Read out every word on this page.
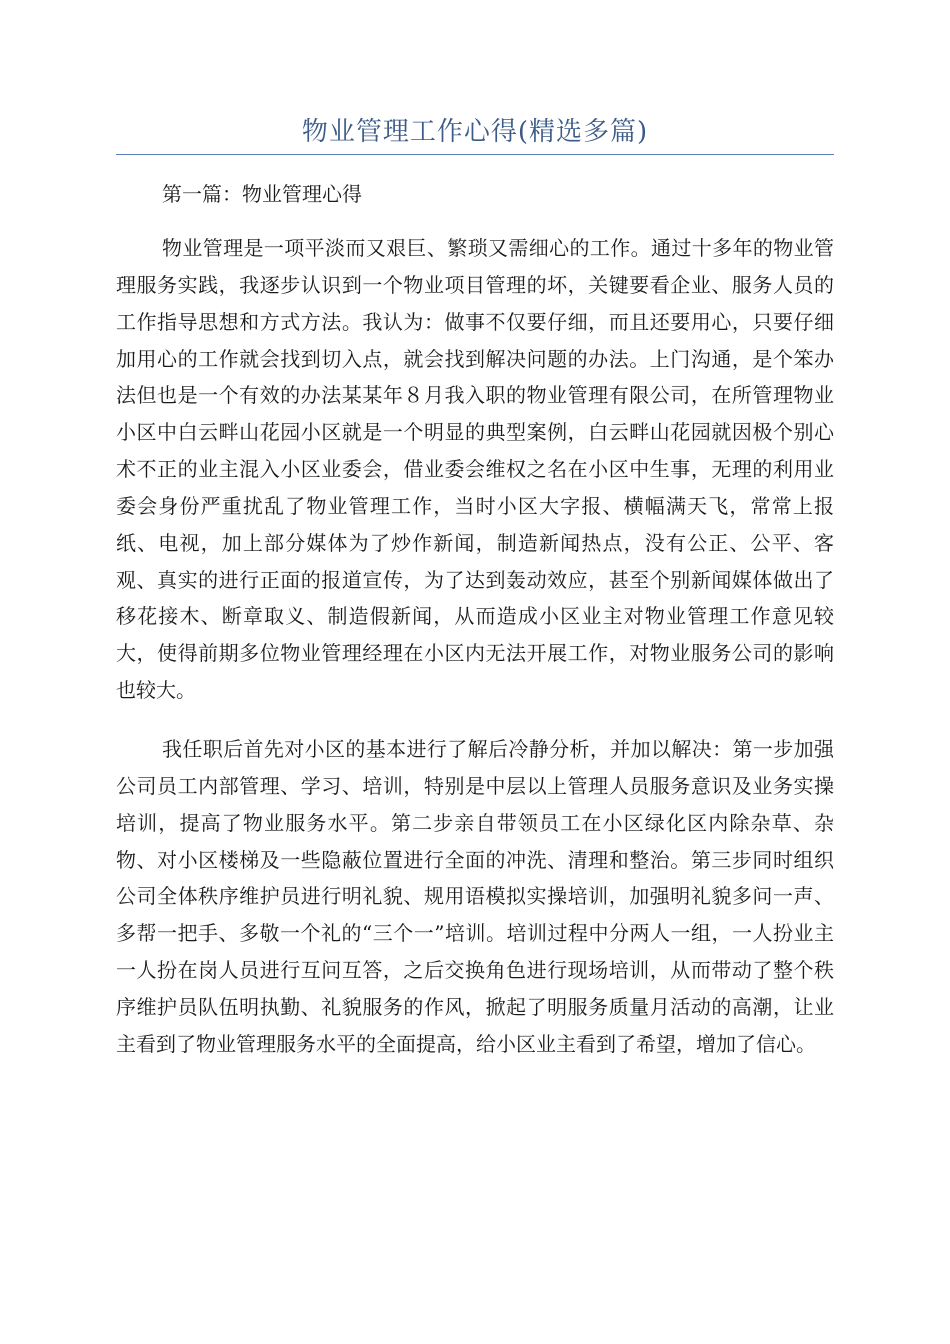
物业管理工作心得(精选多篇)

第一篇：物业管理心得

物业管理是一项平淡而又艰巨、繁琐又需细心的工作。通过十多年的物业管理服务实践，我逐步认识到一个物业项目管理的坏，关键要看企业、服务人员的工作指导思想和方式方法。我认为：做事不仅要仔细，而且还要用心，只要仔细加用心的工作就会找到切入点，就会找到解决问题的办法。上门沟通，是个笨办法但也是一个有效的办法某某年８月我入职的物业管理有限公司，在所管理物业小区中白云畔山花园小区就是一个明显的典型案例，白云畔山花园就因极个别心术不正的业主混入小区业委会，借业委会维权之名在小区中生事，无理的利用业委会身份严重扰乱了物业管理工作，当时小区大字报、横幅满天飞，常常上报纸、电视，加上部分媒体为了炒作新闻，制造新闻热点，没有公正、公平、客观、真实的进行正面的报道宣传，为了达到轰动效应，甚至个别新闻媒体做出了移花接木、断章取义、制造假新闻，从而造成小区业主对物业管理工作意见较大，使得前期多位物业管理经理在小区内无法开展工作，对物业服务公司的影响也较大。

我任职后首先对小区的基本进行了解后冷静分析，并加以解决：第一步加强公司员工内部管理、学习、培训，特别是中层以上管理人员服务意识及业务实操培训，提高了物业服务水平。第二步亲自带领员工在小区绿化区内除杂草、杂物、对小区楼梯及一些隐蔽位置进行全面的冲洗、清理和整治。第三步同时组织公司全体秩序维护员进行明礼貌、规用语模拟实操培训，加强明礼貌多问一声、多帮一把手、多敬一个礼的“三个一”培训。培训过程中分两人一组，一人扮业主一人扮在岗人员进行互问互答，之后交换角色进行现场培训，从而带动了整个秩序维护员队伍明执勤、礼貌服务的作风，掀起了明服务质量月活动的高潮，让业主看到了物业管理服务水平的全面提高，给小区业主看到了希望，增加了信心。
